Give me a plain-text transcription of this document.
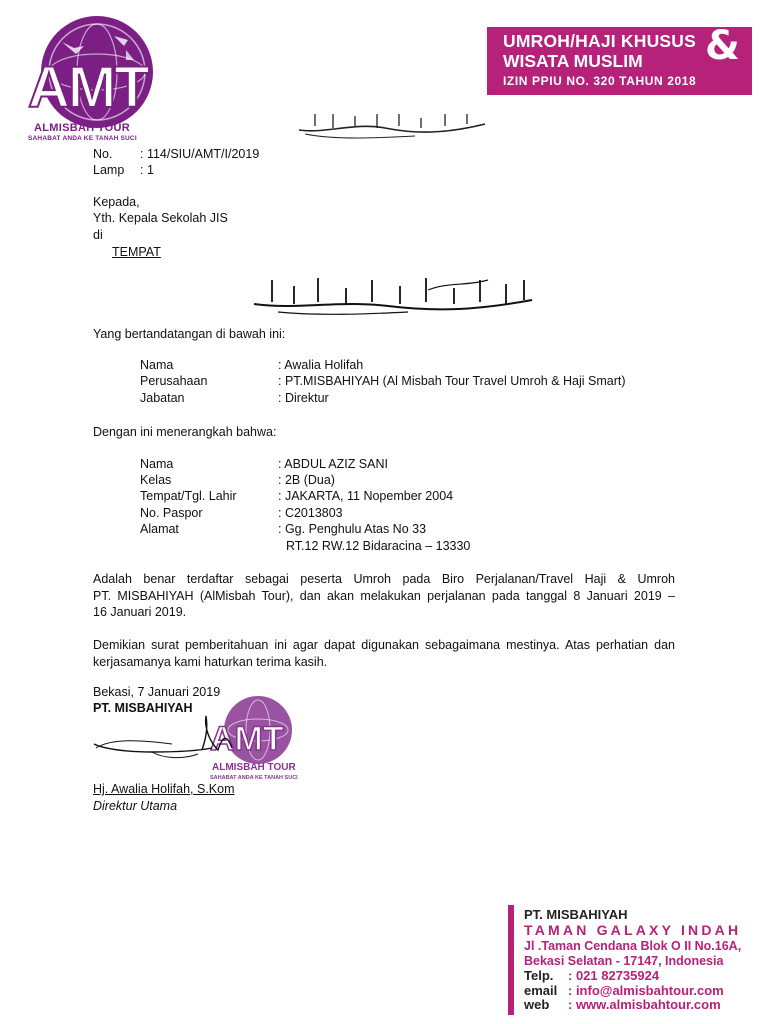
AMT
ALMISBAH TOUR
SAHABAT ANDA KE TANAH SUCI
UMROH/HAJI KHUSUS
WISATA MUSLIM &
IZIN PPIU NO. 320 TAHUN 2018
No. : 114/SIU/AMT/I/2019
Lamp : 1
Kepada,
Yth. Kepala Sekolah JIS
di
TEMPAT
Yang bertandatangan di bawah ini:
Nama	: Awalia Holifah
Perusahaan	: PT.MISBAHIYAH (Al Misbah Tour Travel Umroh & Haji Smart)
Jabatan	: Direktur
Dengan ini menerangkah bahwa:
Nama	: ABDUL AZIZ SANI
Kelas	: 2B (Dua)
Tempat/Tgl. Lahir	: JAKARTA, 11 Nopember 2004
No. Paspor	: C2013803
Alamat	: Gg. Penghulu Atas No 33
RT.12 RW.12 Bidaracina – 13330
Adalah benar terdaftar sebagai peserta Umroh pada Biro Perjalanan/Travel Haji & Umroh
PT. MISBAHIYAH (AlMisbah Tour), dan akan melakukan perjalanan pada tanggal 8 Januari 2019 –
16 Januari 2019.
Demikian surat pemberitahuan ini agar dapat digunakan sebagaimana mestinya. Atas perhatian dan
kerjasamanya kami haturkan terima kasih.
Bekasi, 7 Januari 2019
PT. MISBAHIYAH
AMT
ALMISBAH TOUR
SAHABAT ANDA KE TANAH SUCI
Hj. Awalia Holifah, S.Kom
Direktur Utama
PT. MISBAHIYAH
TAMAN GALAXY INDAH
Jl .Taman Cendana Blok O II No.16A,
Bekasi Selatan - 17147, Indonesia
Telp. : 021 82735924
email : info@almisbahtour.com
web : www.almisbahtour.com
